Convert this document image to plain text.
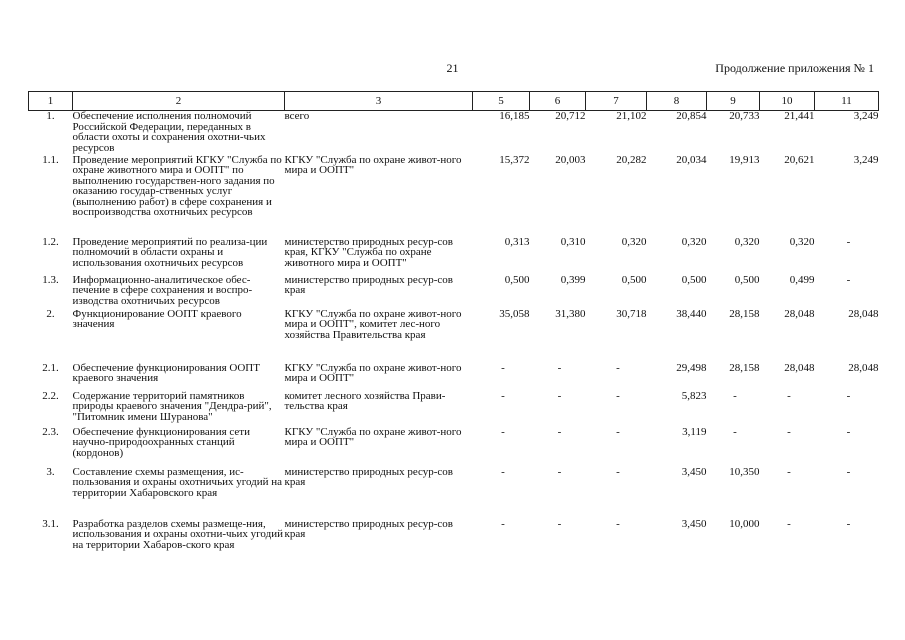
21	Продолжение приложения № 1
1	2	3	5	6	7	8	9	10	11
1.	Обеспечение исполнения полномочий Российской Федерации, переданных в области охоты и сохранения охотни-чьих ресурсов	всего	16,185	20,712	21,102	20,854	20,733	21,441	3,249
1.1.	Проведение мероприятий КГКУ "Служба по охране животного мира и ООПТ" по выполнению государствен-ного задания по оказанию государ-ственных услуг (выполнению работ) в сфере сохранения и воспроизводства охотничьих ресурсов	КГКУ "Служба по охране живот-ного мира и ООПТ"	15,372	20,003	20,282	20,034	19,913	20,621	3,249
1.2.	Проведение мероприятий по реализа-ции полномочий в области охраны и использования охотничьих ресурсов	министерство природных ресур-сов края, КГКУ "Служба по охране животного мира и ООПТ"	0,313	0,310	0,320	0,320	0,320	0,320	-
1.3.	Информационно-аналитическое обес-печение в сфере сохранения и воспро-изводства охотничьих ресурсов	министерство природных ресур-сов края	0,500	0,399	0,500	0,500	0,500	0,499	-
2.	Функционирование ООПТ краевого значения	КГКУ "Служба по охране живот-ного мира и ООПТ", комитет лес-ного хозяйства Правительства края	35,058	31,380	30,718	38,440	28,158	28,048	28,048
2.1.	Обеспечение функционирования ООПТ краевого значения	КГКУ "Служба по охране живот-ного мира и ООПТ"	-	-	-	29,498	28,158	28,048	28,048
2.2.	Содержание территорий памятников природы краевого значения "Дендра-рий", "Питомник имени Шуранова"	комитет лесного хозяйства Прави-тельства края	-	-	-	5,823	-	-	-
2.3.	Обеспечение функционирования сети научно-природоохранных станций (кордонов)	КГКУ "Служба по охране живот-ного мира и ООПТ"	-	-	-	3,119	-	-	-
3.	Составление схемы размещения, ис-пользования и охраны охотничьих угодий на территории Хабаровского края	министерство природных ресур-сов края	-	-	-	3,450	10,350	-	-
3.1.	Разработка разделов схемы размеще-ния, использования и охраны охотни-чьих угодий на территории Хабаров-ского края	министерство природных ресур-сов края	-	-	-	3,450	10,000	-	-
